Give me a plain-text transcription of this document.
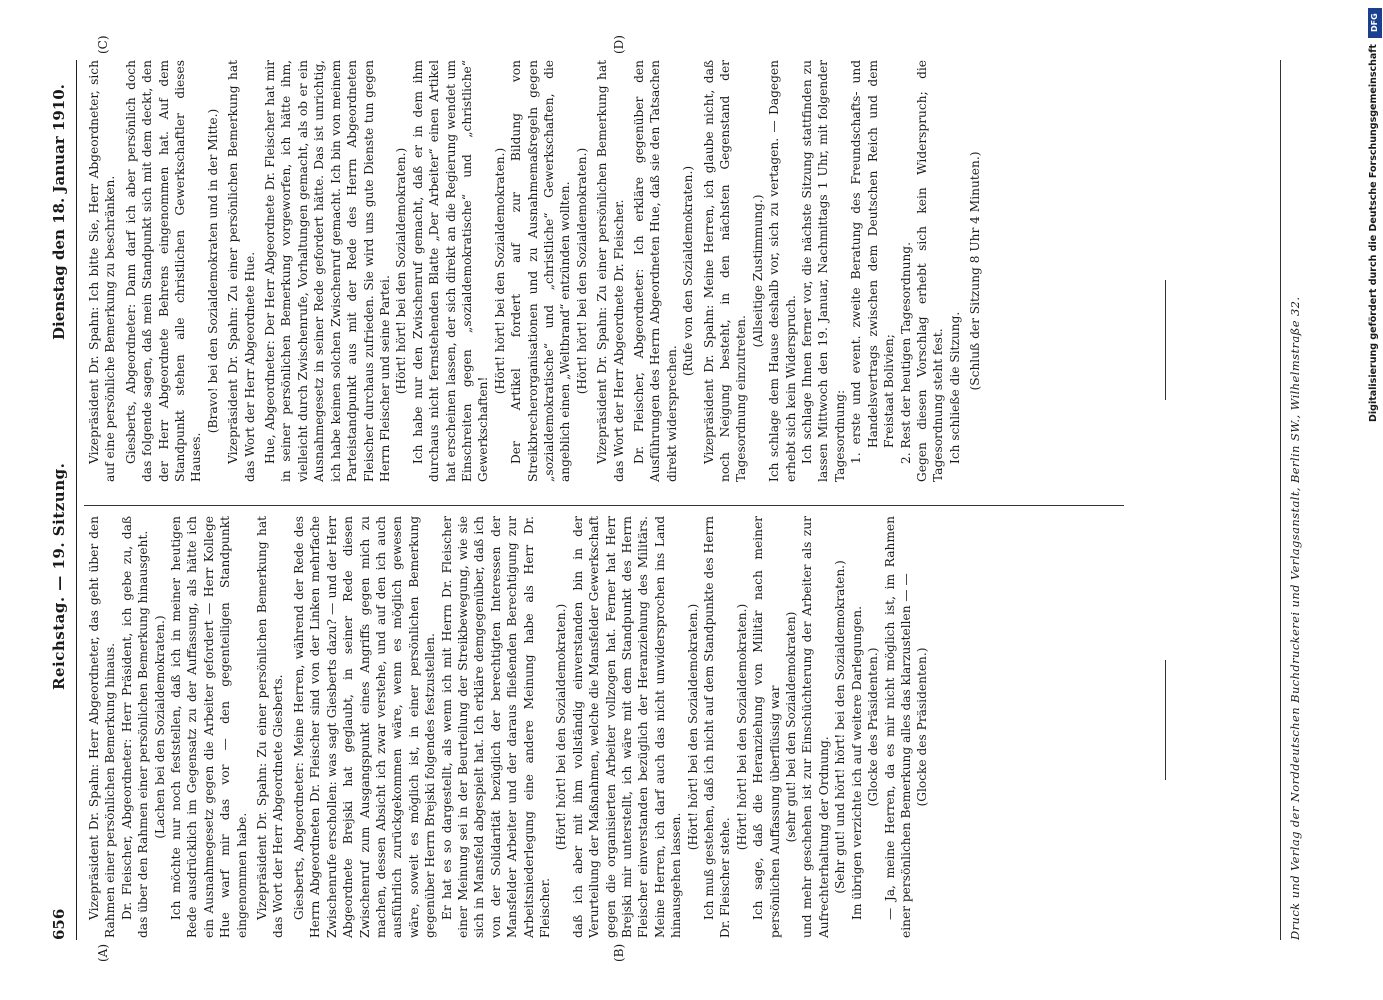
656
Reichstag. — 19. Sitzung.
Dienstag den 18. Januar 1910.
(A)	(B)
(C)	(D)

Vizepräsident Dr. Spahn: Herr Abgeordneter, das geht über den Rahmen einer persönlichen Bemerkung hinaus. Dr. Fleischer, Abgeordneter: Herr Präsident, ich gebe zu, daß das über den Rahmen einer persönlichen Bemerkung hinausgeht. (Lachen bei den Sozialdemokraten.) Ich möchte nur noch feststellen, daß ich in meiner heutigen Rede ausdrücklich im Gegensatz zu der Auffassung, als hätte ich ein Ausnahmegesetz gegen die Arbeiter gefordert — Herr Kollege Hue warf mir das vor — den gegenteiligen Standpunkt eingenommen habe. Vizepräsident Dr. Spahn: Zu einer persönlichen Bemerkung hat das Wort der Herr Abgeordnete Giesberts. Giesberts, Abgeordneter: Meine Herren, während der Rede des Herrn Abgeordneten Dr. Fleischer sind von der Linken mehrfache Zwischenrufe erschollen: was sagt Giesberts dazu? — und der Herr Abgeordnete Brejski hat geglaubt, in seiner Rede diesen Zwischenruf zum Ausgangspunkt eines Angriffs gegen mich zu machen, dessen Absicht ich zwar verstehe, und auf den ich auch ausführlich zurückgekommen wäre, wenn es möglich gewesen wäre, soweit es möglich ist, in einer persönlichen Bemerkung gegenüber Herrn Brejski folgendes festzustellen. Er hat es so dargestellt, als wenn ich mit Herrn Dr. Fleischer einer Meinung sei in der Beurteilung der Streikbewegung, wie sie sich in Mansfeld abgespielt hat. Ich erkläre demgegenüber, daß ich von der Solidarität bezüglich der berechtigten Interessen der Mansfelder Arbeiter und der daraus fließenden Berechtigung zur Arbeitsniederlegung eine andere Meinung habe als Herr Dr. Fleischer.

(Hört! hört! bei den Sozialdemokraten.) daß ich aber mit ihm vollständig einverstanden bin in der Verurteilung der Maßnahmen, welche die Mansfelder Gewerkschaft gegen die organisierten Arbeiter vollzogen hat. Ferner hat Herr Brejski mir unterstellt, ich wäre mit dem Standpunkt des Herrn Fleischer einverstanden bezüglich der Heranziehung des Militärs. Meine Herren, ich darf auch das nicht unwidersprochen ins Land hinausgehen lassen.

(Hört! hört! bei den Sozialdemokraten.) Ich muß gestehen, daß ich nicht auf dem Standpunkte des Herrn Dr. Fleischer stehe.

(Hört! hört! bei den Sozialdemokraten.) Ich sage, daß die Heranziehung von Militär nach meiner persönlichen Auffassung überflüssig war (sehr gut! bei den Sozialdemokraten) und mehr geschehen ist zur Einschüchterung der Arbeiter als zur Aufrechterhaltung der Ordnung. (Sehr gut! und hört! hört! bei den Sozialdemokraten.) Im übrigen verzichte ich auf weitere Darlegungen. (Glocke des Präsidenten.) — Ja, meine Herren, da es mir nicht möglich ist, im Rahmen einer persönlichen Bemerkung alles das klarzustellen — — (Glocke des Präsidenten.)

Vizepräsident Dr. Spahn: Ich bitte Sie, Herr Abgeordneter, sich auf eine persönliche Bemerkung zu beschränken. Giesberts, Abgeordneter: Dann darf ich aber persönlich doch das folgende sagen, daß mein Standpunkt sich mit dem deckt, den der Herr Abgeordnete Behrens eingenommen hat. Auf dem Standpunkt stehen alle christlichen Gewerkschaftler dieses Hauses.

(Bravo! bei den Sozialdemokraten und in der Mitte.) Vizepräsident Dr. Spahn: Zu einer persönlichen Bemerkung hat das Wort der Herr Abgeordnete Hue. Hue, Abgeordneter: Der Herr Abgeordnete Dr. Fleischer hat mir in seiner persönlichen Bemerkung vorgeworfen, ich hätte ihm, vielleicht durch Zwischenrufe, Vorhaltungen gemacht, als ob er ein Ausnahmegesetz in seiner Rede gefordert hätte. Das ist unrichtig, ich habe keinen solchen Zwischenruf gemacht. Ich bin von meinem Parteistandpunkt aus mit der Rede des Herrn Abgeordneten Fleischer durchaus zufrieden. Sie wird uns gute Dienste tun gegen Herrn Fleischer und seine Partei. (Hört! hört! bei den Sozialdemokraten.) Ich habe nur den Zwischenruf gemacht, daß er in dem ihm durchaus nicht fernstehenden Blatte „Der Arbeiter“ einen Artikel hat erscheinen lassen, der sich direkt an die Regierung wendet um Einschreiten gegen „sozialdemokratische“ und „christliche“ Gewerkschaften!

(Hört! hört! bei den Sozialdemokraten.) Der Artikel fordert auf zur Bildung von Streikbrecherorganisationen und zu Ausnahmemaßregeln gegen „sozialdemokratische“ und „christliche“ Gewerkschaften, die angeblich einen „Weltbrand“ entzünden wollten. (Hört! hört! bei den Sozialdemokraten.) Vizepräsident Dr. Spahn: Zu einer persönlichen Bemerkung hat das Wort der Herr Abgeordnete Dr. Fleischer. Dr. Fleischer, Abgeordneter: Ich erkläre gegenüber den Ausführungen des Herrn Abgeordneten Hue, daß sie den Tatsachen direkt widersprechen.

(Rufe von den Sozialdemokraten.) Vizepräsident Dr. Spahn: Meine Herren, ich glaube nicht, daß noch Neigung besteht, in den nächsten Gegenstand der Tagesordnung einzutreten.

(Allseitige Zustimmung.) Ich schlage dem Hause deshalb vor, sich zu vertagen. — Dagegen erhebt sich kein Widerspruch. Ich schlage Ihnen ferner vor, die nächste Sitzung stattfinden zu lassen Mittwoch den 19. Januar, Nachmittags 1 Uhr, mit folgender Tagesordnung: 1. erste und event. zweite Beratung des Freundschafts- und Handelsvertrags zwischen dem Deutschen Reich und dem Freistaat Bolivien; 2. Rest der heutigen Tagesordnung. Gegen diesen Vorschlag erhebt sich kein Widerspruch; die Tagesordnung steht fest. Ich schließe die Sitzung. (Schluß der Sitzung 8 Uhr 4 Minuten.)

Druck und Verlag der Norddeutschen Buchdruckerei und Verlagsanstalt, Berlin SW., Wilhelmstraße 32.
DFG
Digitalisierung gefördert durch die Deutsche Forschungsgemeinschaft
